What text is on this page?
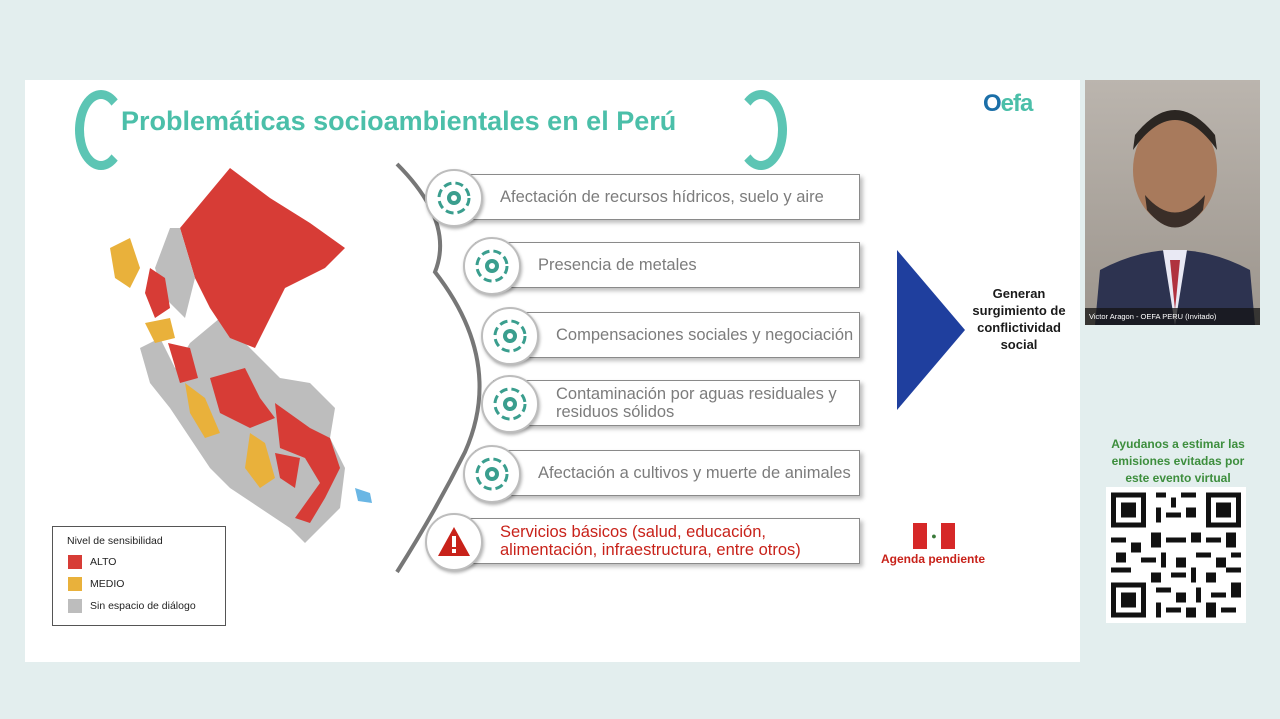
Problemáticas socioambientales en el Perú
Oefa
Nivel de sensibilidad
ALTO
MEDIO
Sin espacio de diálogo
Afectación de recursos hídricos, suelo y aire
Presencia de metales
Compensaciones sociales y negociación
Contaminación por aguas residuales y residuos sólidos
Afectación a cultivos y muerte de animales
Servicios básicos (salud, educación, alimentación, infraestructura, entre otros)
Generan surgimiento de conflictividad social
●
Agenda pendiente
Victor Aragon - OEFA PERU (Invitado)
Ayudanos a estimar las emisiones evitadas por este evento virtual
